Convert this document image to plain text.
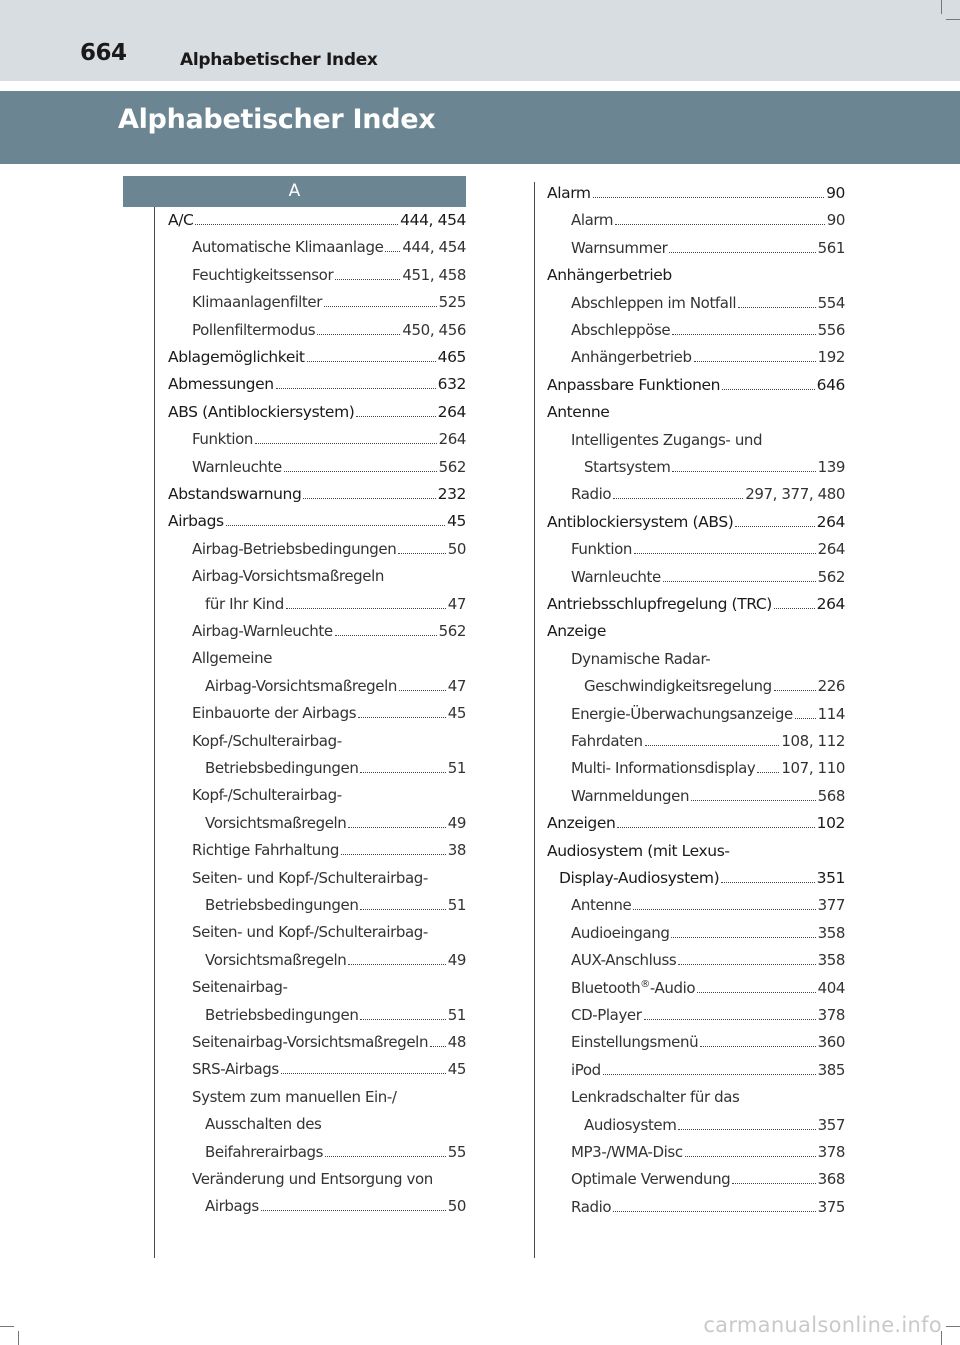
664	Alphabetischer Index
Alphabetischer Index
A
A/C	444, 454
Automatische Klimaanlage 444, 454
Feuchtigkeitssensor	451, 458
Klimaanlagenfilter	525
Pollenfiltermodus	450, 456
Ablagemöglichkeit	465
Abmessungen	632
ABS (Antiblockiersystem)	264
Funktion	264
Warnleuchte	562
Abstandswarnung	232
Airbags	45
Airbag-Betriebsbedingungen	50
Airbag-Vorsichtsmaßregeln
für Ihr Kind	47
Airbag-Warnleuchte	562
Allgemeine
Airbag-Vorsichtsmaßregeln	47
Einbauorte der Airbags	45
Kopf-/Schulterairbag-
Betriebsbedingungen	51
Kopf-/Schulterairbag-
Vorsichtsmaßregeln	49
Richtige Fahrhaltung	38
Seiten- und Kopf-/Schulterairbag-
Betriebsbedingungen	51
Seiten- und Kopf-/Schulterairbag-
Vorsichtsmaßregeln	49
Seitenairbag-
Betriebsbedingungen	51
Seitenairbag-Vorsichtsmaßregeln 48
SRS-Airbags	45
System zum manuellen Ein-/
Ausschalten des
Beifahrerairbags	55
Veränderung und Entsorgung von
Airbags	50
Alarm	90
Alarm	90
Warnsummer	561
Anhängerbetrieb
Abschleppen im Notfall	554
Abschleppöse	556
Anhängerbetrieb	192
Anpassbare Funktionen	646
Antenne
Intelligentes Zugangs- und
Startsystem	139
Radio	297, 377, 480
Antiblockiersystem (ABS)	264
Funktion	264
Warnleuchte	562
Antriebsschlupfregelung (TRC)	264
Anzeige
Dynamische Radar-
Geschwindigkeitsregelung	226
Energie-Überwachungsanzeige 114
Fahrdaten	108, 112
Multi- Informationsdisplay 107, 110
Warnmeldungen	568
Anzeigen	102
Audiosystem (mit Lexus-
Display-Audiosystem)	351
Antenne	377
Audioeingang	358
AUX-Anschluss	358
Bluetooth®-Audio	404
CD-Player	378
Einstellungsmenü	360
iPod	385
Lenkradschalter für das
Audiosystem	357
MP3-/WMA-Disc	378
Optimale Verwendung	368
Radio	375
carmanualsonline.info
